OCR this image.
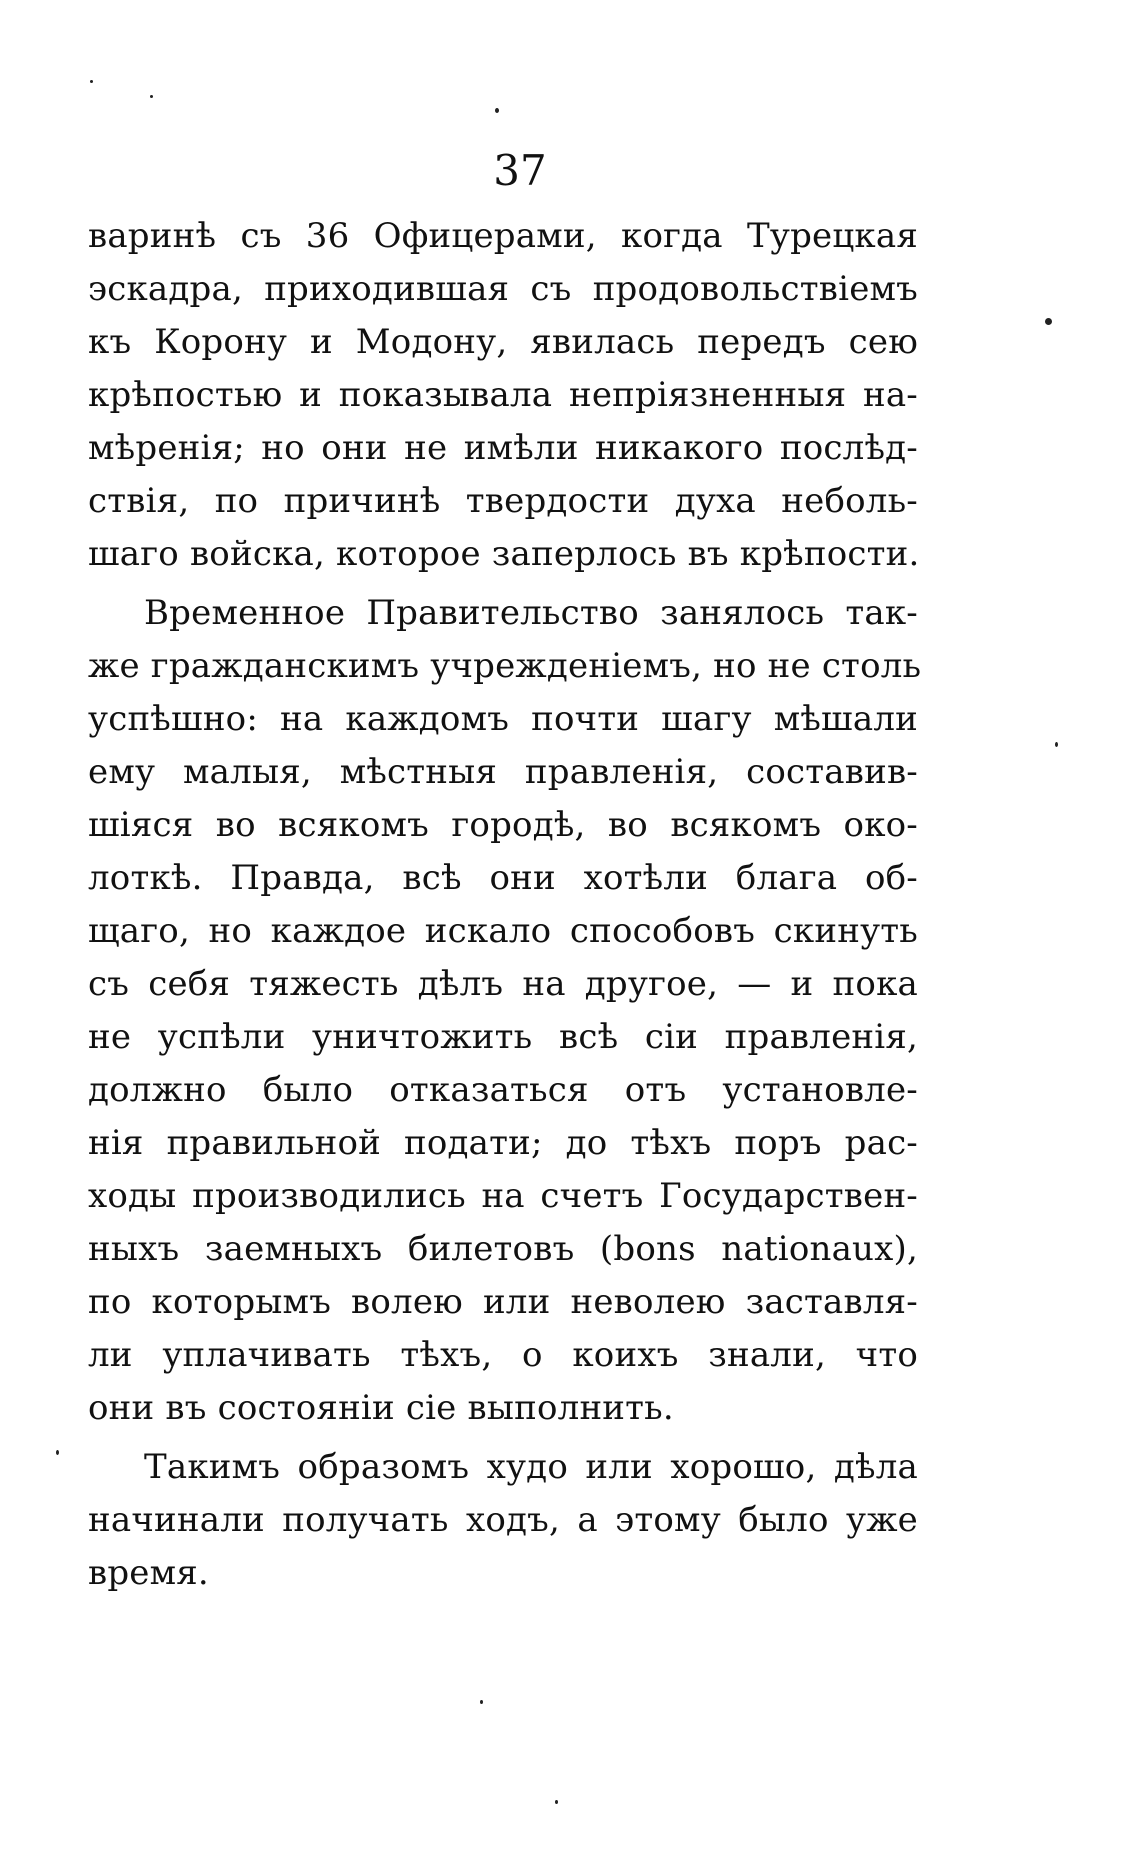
37
варинѣ съ 36 Офицерами, когда Турецкая
эскадра, приходившая съ продовольствіемъ
къ Корону и Модону, явилась передъ сею
крѣпостью и показывала непріязненныя на-
мѣренія; но они не имѣли никакого послѣд-
ствія, по причинѣ твердости духа неболь-
шаго войска, которое заперлось въ крѣпости.
Временное Правительство занялось так-
же гражданскимъ учрежденіемъ, но не столь
успѣшно: на каждомъ почти шагу мѣшали
ему малыя, мѣстныя правленія, составив-
шіяся во всякомъ городѣ, во всякомъ око-
лоткѣ. Правда, всѣ они хотѣли блага об-
щаго, но каждое искало способовъ скинуть
съ себя тяжесть дѣлъ на другое, — и пока
не успѣли уничтожить всѣ сіи правленія,
должно было отказаться отъ установле-
нія правильной подати; до тѣхъ поръ рас-
ходы производились на счетъ Государствен-
ныхъ заемныхъ билетовъ (bons nationaux),
по которымъ волею или неволею заставля-
ли уплачивать тѣхъ, о коихъ знали, что
они въ состояніи сіе выполнить.
Такимъ образомъ худо или хорошо, дѣла
начинали получать ходъ, а этому было уже
время.
